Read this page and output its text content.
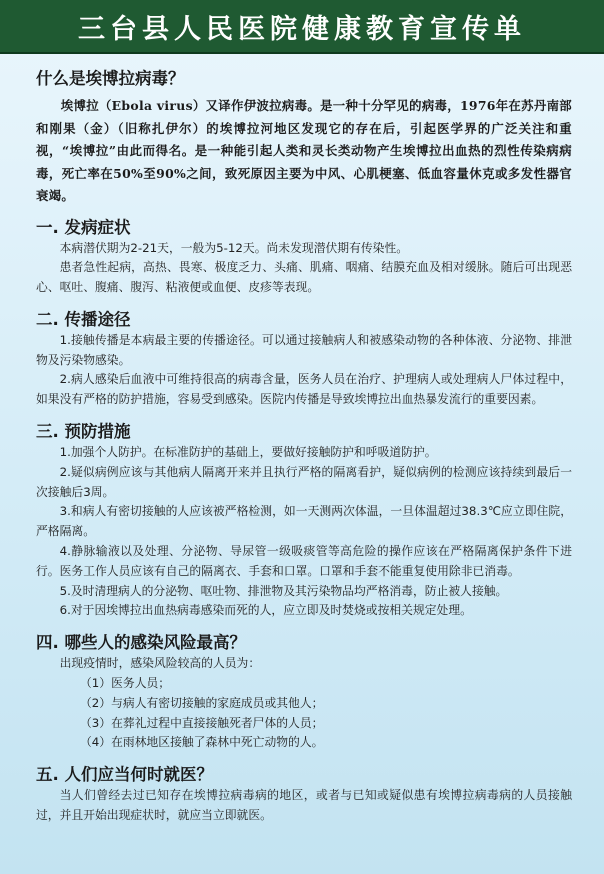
三台县人民医院健康教育宣传单
什么是埃博拉病毒？

埃博拉（Ebola virus）又译作伊波拉病毒。是一种十分罕见的病毒，1976年在苏丹南部和刚果（金）（旧称扎伊尔）的埃博拉河地区发现它的存在后，引起医学界的广泛关注和重视，“埃博拉”由此而得名。是一种能引起人类和灵长类动物产生埃博拉出血热的烈性传染病病毒，死亡率在50%至90%之间，致死原因主要为中风、心肌梗塞、低血容量休克或多发性器官衰竭。

一. 发病症状

本病潜伏期为2-21天，一般为5-12天。尚未发现潜伏期有传染性。

患者急性起病，高热、畏寒、极度乏力、头痛、肌痛、咽痛、结膜充血及相对缓脉。随后可出现恶心、呕吐、腹痛、腹泻、粘液便或血便、皮疹等表现。

二. 传播途径

1.接触传播是本病最主要的传播途径。可以通过接触病人和被感染动物的各种体液、分泌物、排泄物及污染物感染。

2.病人感染后血液中可维持很高的病毒含量，医务人员在治疗、护理病人或处理病人尸体过程中，如果没有严格的防护措施，容易受到感染。医院内传播是导致埃博拉出血热暴发流行的重要因素。

三. 预防措施

1.加强个人防护。在标准防护的基础上，要做好接触防护和呼吸道防护。

2.疑似病例应该与其他病人隔离开来并且执行严格的隔离看护，疑似病例的检测应该持续到最后一次接触后3周。

3.和病人有密切接触的人应该被严格检测，如一天测两次体温，一旦体温超过38.3℃应立即住院，严格隔离。

4.静脉输液以及处理、分泌物、导尿管一级吸痰管等高危险的操作应该在严格隔离保护条件下进行。医务工作人员应该有自己的隔离衣、手套和口罩。口罩和手套不能重复使用除非已消毒。

5.及时清理病人的分泌物、呕吐物、排泄物及其污染物品均严格消毒，防止被人接触。

6.对于因埃博拉出血热病毒感染而死的人，应立即及时焚烧或按相关规定处理。

四. 哪些人的感染风险最高？

出现疫情时，感染风险较高的人员为：

（1）医务人员；

（2）与病人有密切接触的家庭成员或其他人；

（3）在葬礼过程中直接接触死者尸体的人员；

（4）在雨林地区接触了森林中死亡动物的人。

五. 人们应当何时就医？

当人们曾经去过已知存在埃博拉病毒病的地区，或者与已知或疑似患有埃博拉病毒病的人员接触过，并且开始出现症状时，就应当立即就医。
